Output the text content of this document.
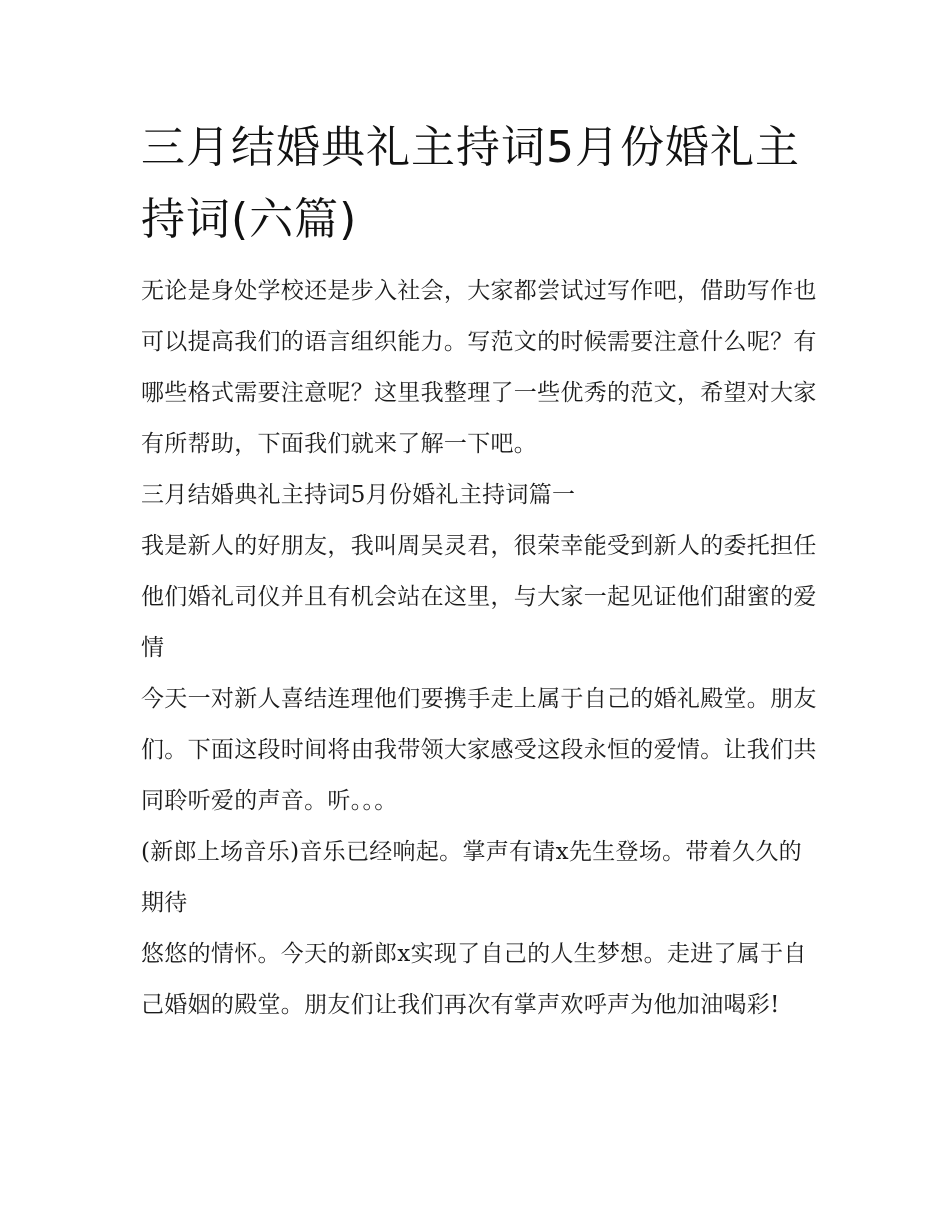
三月结婚典礼主持词5月份婚礼主持词(六篇)

无论是身处学校还是步入社会，大家都尝试过写作吧，借助写作也可以提高我们的语言组织能力。写范文的时候需要注意什么呢？有哪些格式需要注意呢？这里我整理了一些优秀的范文，希望对大家有所帮助，下面我们就来了解一下吧。

三月结婚典礼主持词5月份婚礼主持词篇一

我是新人的好朋友，我叫周吴灵君，很荣幸能受到新人的委托担任他们婚礼司仪并且有机会站在这里，与大家一起见证他们甜蜜的爱情

今天一对新人喜结连理他们要携手走上属于自己的婚礼殿堂。朋友们。下面这段时间将由我带领大家感受这段永恒的爱情。让我们共同聆听爱的声音。听。。。

(新郎上场音乐)音乐已经响起。掌声有请x先生登场。带着久久的期待

悠悠的情怀。今天的新郎x实现了自己的人生梦想。走进了属于自己婚姻的殿堂。朋友们让我们再次有掌声欢呼声为他加油喝彩!
